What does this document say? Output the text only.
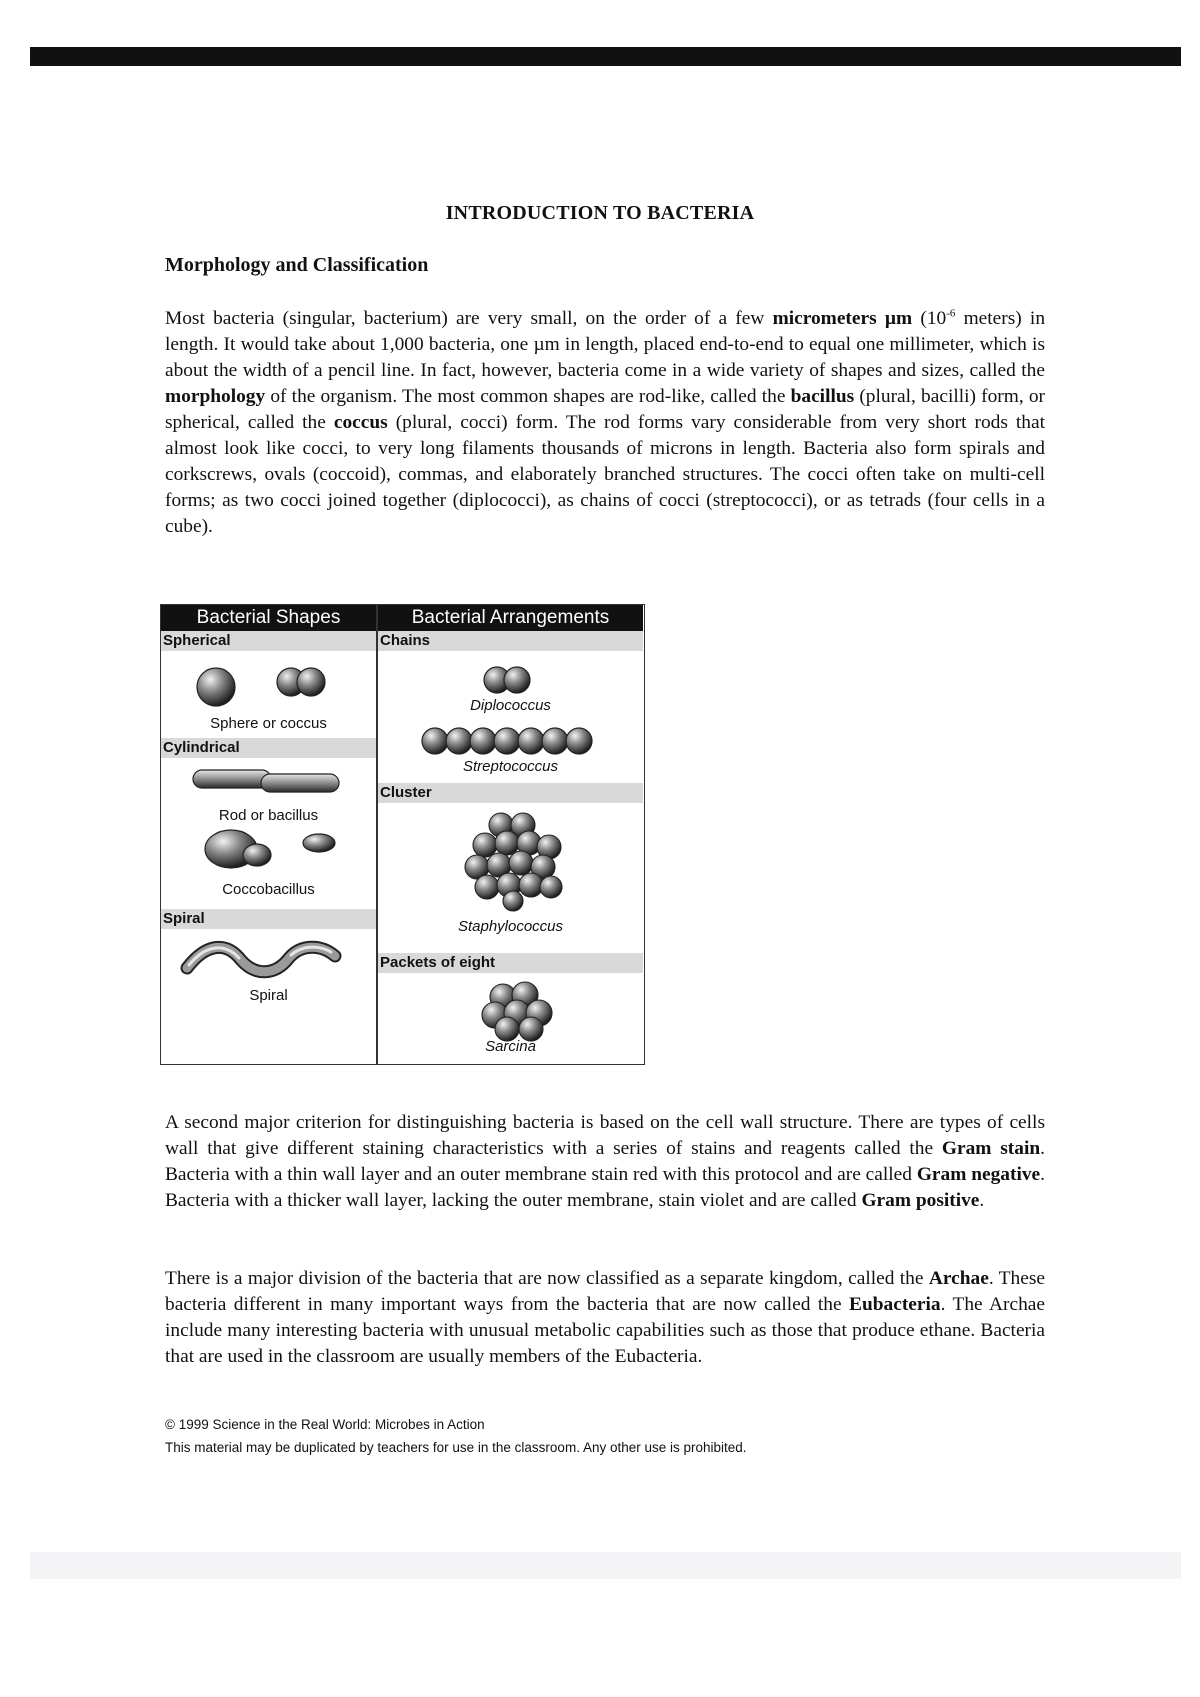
INTRODUCTION TO BACTERIA
Morphology and Classification

Most bacteria (singular, bacterium) are very small, on the order of a few micrometers µm ($10^{-6}$ meters) in length. It would take about 1,000 bacteria, one µm in length, placed end-to-end to equal one millimeter, which is about the width of a pencil line. In fact, however, bacteria come in a wide variety of shapes and sizes, called the morphology of the organism. The most common shapes are rod-like, called the bacillus (plural, bacilli) form, or spherical, called the coccus (plural, cocci) form. The rod forms vary considerable from very short rods that almost look like cocci, to very long filaments thousands of microns in length. Bacteria also form spirals and corkscrews, ovals (coccoid), commas, and elaborately branched structures. The cocci often take on multi-cell forms; as two cocci joined together (diplococci), as chains of cocci (streptococci), or as tetrads (four cells in a cube).

Bacterial Shapes	Bacterial Arrangements
Spherical
Sphere or coccus
Cylindrical
Rod or bacillus
Coccobacillus
Spiral
Spiral
Chains
Diplococcus
Streptococcus
Cluster
Staphylococcus
Packets of eight
Sarcina

A second major criterion for distinguishing bacteria is based on the cell wall structure. There are types of cells wall that give different staining characteristics with a series of stains and reagents called the Gram stain. Bacteria with a thin wall layer and an outer membrane stain red with this protocol and are called Gram negative. Bacteria with a thicker wall layer, lacking the outer membrane, stain violet and are called Gram positive.

There is a major division of the bacteria that are now classified as a separate kingdom, called the Archae. These bacteria different in many important ways from the bacteria that are now called the Eubacteria. The Archae include many interesting bacteria with unusual metabolic capabilities such as those that produce ethane. Bacteria that are used in the classroom are usually members of the Eubacteria.

© 1999 Science in the Real World: Microbes in Action
This material may be duplicated by teachers for use in the classroom. Any other use is prohibited.
